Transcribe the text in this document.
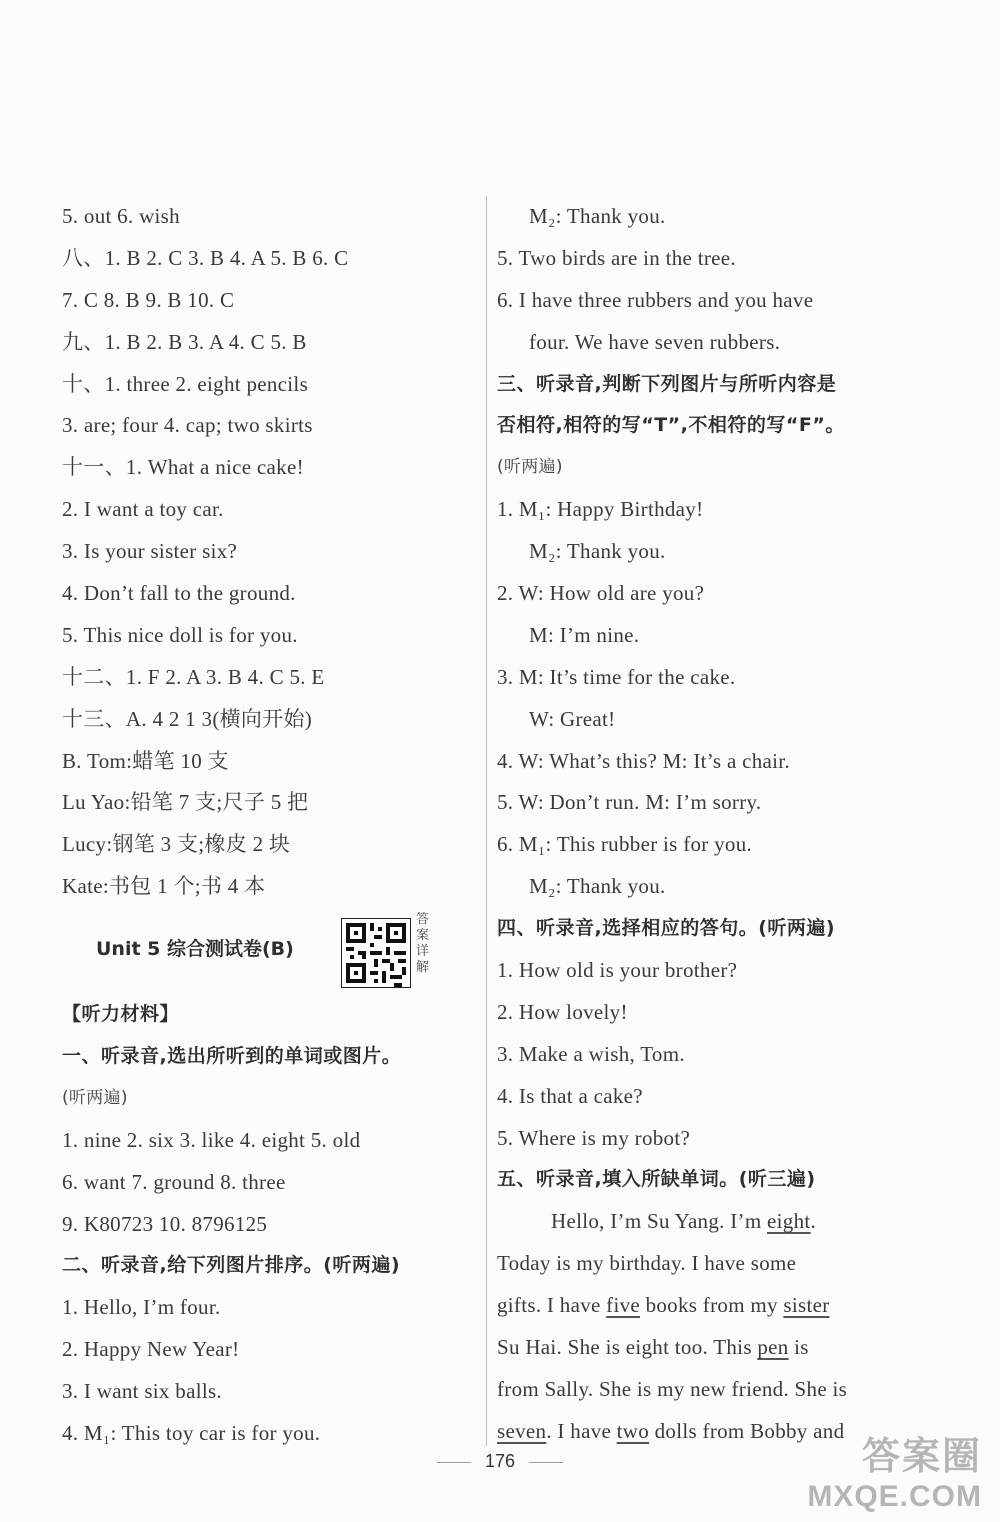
5. out 6. wish
八、1. B 2. C 3. B 4. A 5. B 6. C
7. C 8. B 9. B 10. C
九、1. B 2. B 3. A 4. C 5. B
十、1. three 2. eight pencils
3. are; four 4. cap; two skirts
十一、1. What a nice cake!
2. I want a toy car.
3. Is your sister six?
4. Don’t fall to the ground.
5. This nice doll is for you.
十二、1. F 2. A 3. B 4. C 5. E
十三、A. 4 2 1 3(横向开始)
B. Tom:蜡笔 10 支
Lu Yao:铅笔 7 支;尺子 5 把
Lucy:钢笔 3 支;橡皮 2 块
Kate:书包 1 个;书 4 本
Unit 5 综合测试卷(B)
答案详解
【听力材料】
一、听录音,选出所听到的单词或图片。
(听两遍)
1. nine 2. six 3. like 4. eight 5. old
6. want 7. ground 8. three
9. K80723 10. 8796125
二、听录音,给下列图片排序。(听两遍)
1. Hello, I’m four.
2. Happy New Year!
3. I want six balls.
4. M₁: This toy car is for you.
M₂: Thank you.
5. Two birds are in the tree.
6. I have three rubbers and you have
four. We have seven rubbers.
三、听录音,判断下列图片与所听内容是
否相符,相符的写“T”,不相符的写“F”。
(听两遍)
1. M₁: Happy Birthday!
M₂: Thank you.
2. W: How old are you?
M: I’m nine.
3. M: It’s time for the cake.
W: Great!
4. W: What’s this? M: It’s a chair.
5. W: Don’t run. M: I’m sorry.
6. M₁: This rubber is for you.
M₂: Thank you.
四、听录音,选择相应的答句。(听两遍)
1. How old is your brother?
2. How lovely!
3. Make a wish, Tom.
4. Is that a cake?
5. Where is my robot?
五、听录音,填入所缺单词。(听三遍)
Hello, I’m Su Yang. I’m eight.
Today is my birthday. I have some
gifts. I have five books from my sister
Su Hai. She is eight too. This pen is
from Sally. She is my new friend. She is
seven. I have two dolls from Bobby and
176	答案圈
MXQE.COM
